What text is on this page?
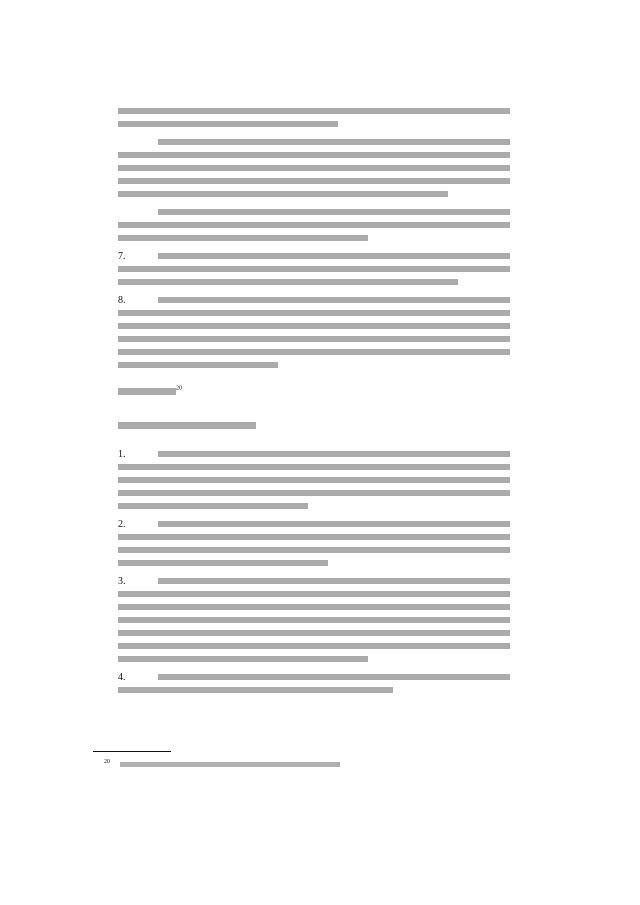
7.
8.
$^{20}$
1.
2.
3.
4.
$^{20}$
